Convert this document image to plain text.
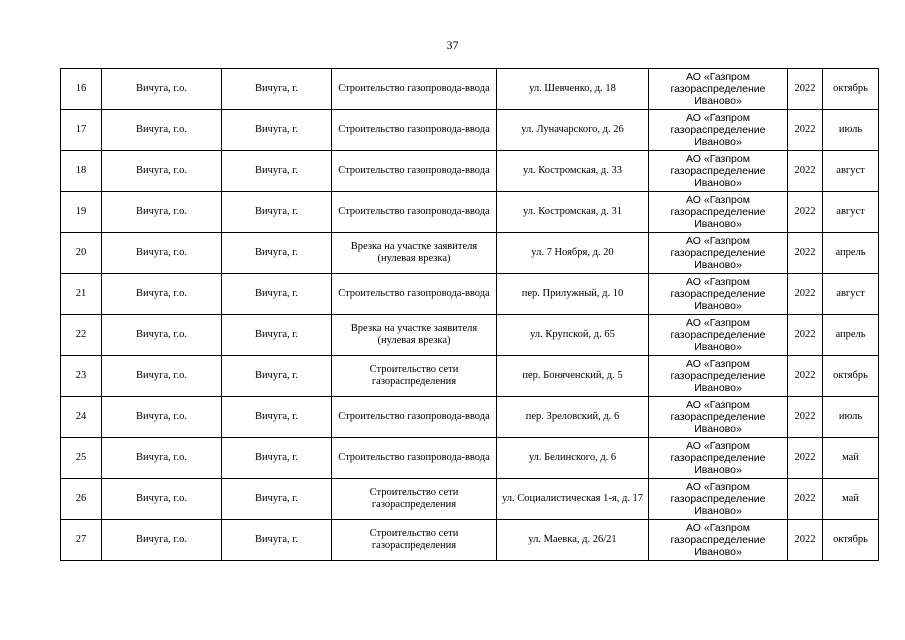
37
16	Вичуга, г.о.	Вичуга, г.	Строительство газопровода-ввода	ул. Шевченко, д. 18	АО «Газпром газораспределение Иваново»	2022	октябрь
17	Вичуга, г.о.	Вичуга, г.	Строительство газопровода-ввода	ул. Луначарского, д. 26	АО «Газпром газораспределение Иваново»	2022	июль
18	Вичуга, г.о.	Вичуга, г.	Строительство газопровода-ввода	ул. Костромская, д. 33	АО «Газпром газораспределение Иваново»	2022	август
19	Вичуга, г.о.	Вичуга, г.	Строительство газопровода-ввода	ул. Костромская, д. 31	АО «Газпром газораспределение Иваново»	2022	август
20	Вичуга, г.о.	Вичуга, г.	Врезка на участке заявителя (нулевая врезка)	ул. 7 Ноября, д. 20	АО «Газпром газораспределение Иваново»	2022	апрель
21	Вичуга, г.о.	Вичуга, г.	Строительство газопровода-ввода	пер. Прилужный, д. 10	АО «Газпром газораспределение Иваново»	2022	август
22	Вичуга, г.о.	Вичуга, г.	Врезка на участке заявителя (нулевая врезка)	ул. Крупской, д. 65	АО «Газпром газораспределение Иваново»	2022	апрель
23	Вичуга, г.о.	Вичуга, г.	Строительство сети газораспределения	пер. Боняченский, д. 5	АО «Газпром газораспределение Иваново»	2022	октябрь
24	Вичуга, г.о.	Вичуга, г.	Строительство газопровода-ввода	пер. Зреловский, д. 6	АО «Газпром газораспределение Иваново»	2022	июль
25	Вичуга, г.о.	Вичуга, г.	Строительство газопровода-ввода	ул. Белинского, д. 6	АО «Газпром газораспределение Иваново»	2022	май
26	Вичуга, г.о.	Вичуга, г.	Строительство сети газораспределения	ул. Социалистическая 1-я, д. 17	АО «Газпром газораспределение Иваново»	2022	май
27	Вичуга, г.о.	Вичуга, г.	Строительство сети газораспределения	ул. Маевка, д. 26/21	АО «Газпром газораспределение Иваново»	2022	октябрь
